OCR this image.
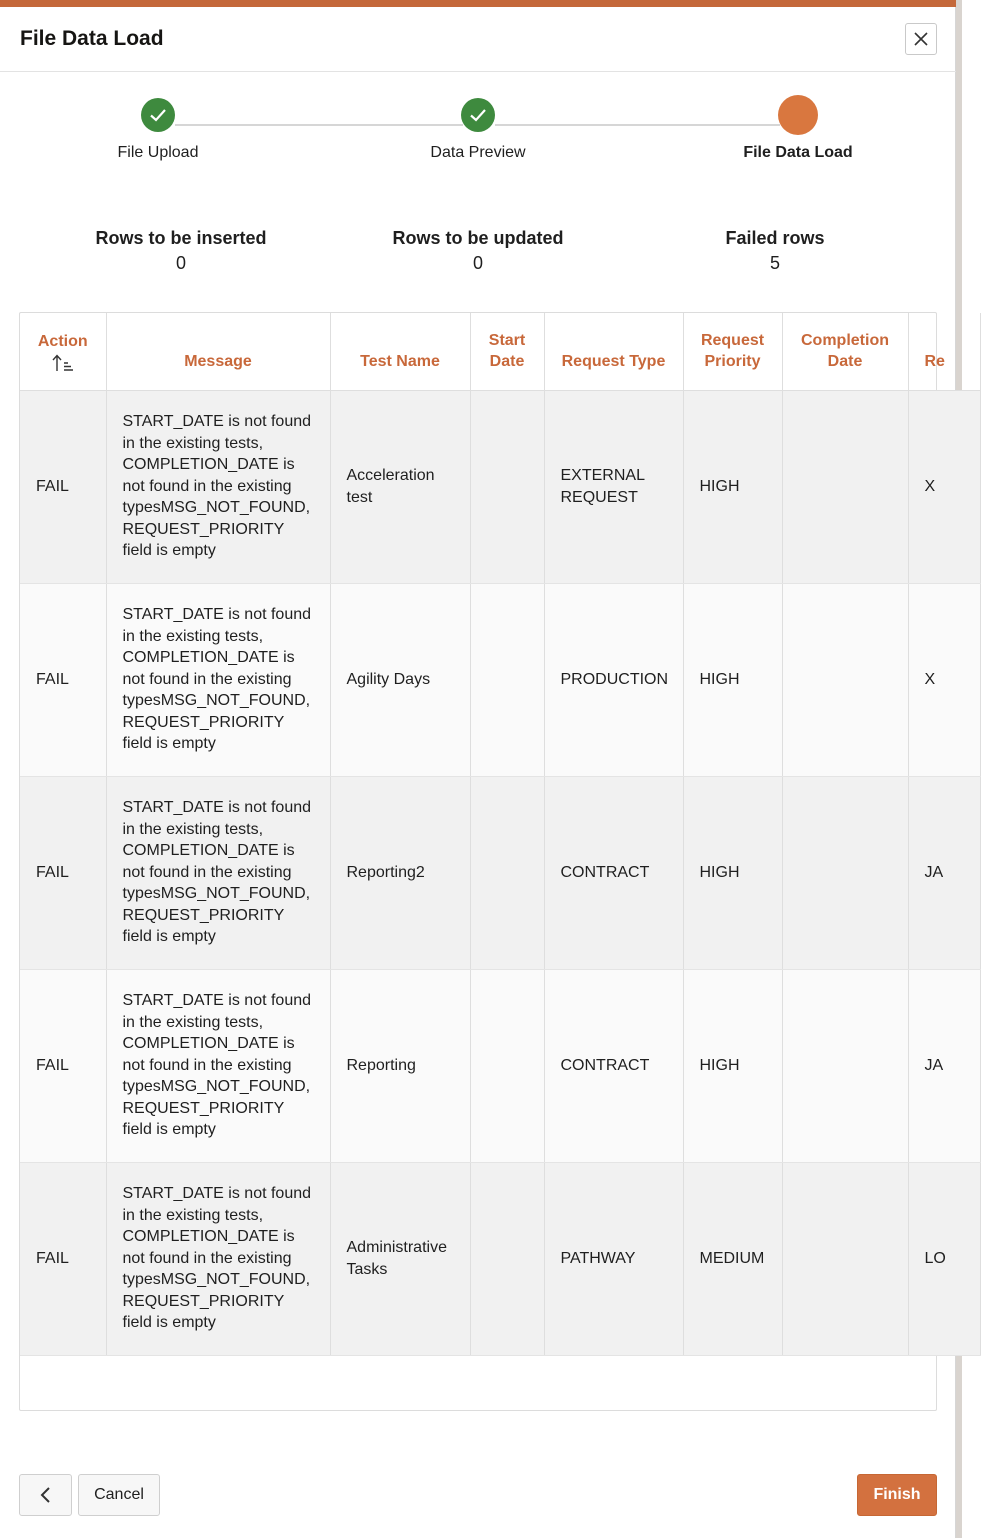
File Data Load
File Upload	Data Preview	File Data Load
Rows to be inserted
0
Rows to be updated
0
Failed rows
5
Action	Message	Test Name	Start Date	Request Type	Request Priority	Completion Date	Re
FAIL	START_DATE is not found in the existing tests, COMPLETION_DATE is not found in the existing typesMSG_NOT_FOUND, REQUEST_PRIORITY field is empty	Acceleration test		EXTERNAL REQUEST	HIGH		X
FAIL	START_DATE is not found in the existing tests, COMPLETION_DATE is not found in the existing typesMSG_NOT_FOUND, REQUEST_PRIORITY field is empty	Agility Days		PRODUCTION	HIGH		X
FAIL	START_DATE is not found in the existing tests, COMPLETION_DATE is not found in the existing typesMSG_NOT_FOUND, REQUEST_PRIORITY field is empty	Reporting2		CONTRACT	HIGH		JA
FAIL	START_DATE is not found in the existing tests, COMPLETION_DATE is not found in the existing typesMSG_NOT_FOUND, REQUEST_PRIORITY field is empty	Reporting		CONTRACT	HIGH		JA
FAIL	START_DATE is not found in the existing tests, COMPLETION_DATE is not found in the existing typesMSG_NOT_FOUND, REQUEST_PRIORITY field is empty	Administrative Tasks		PATHWAY	MEDIUM		LO
Cancel	Finish
